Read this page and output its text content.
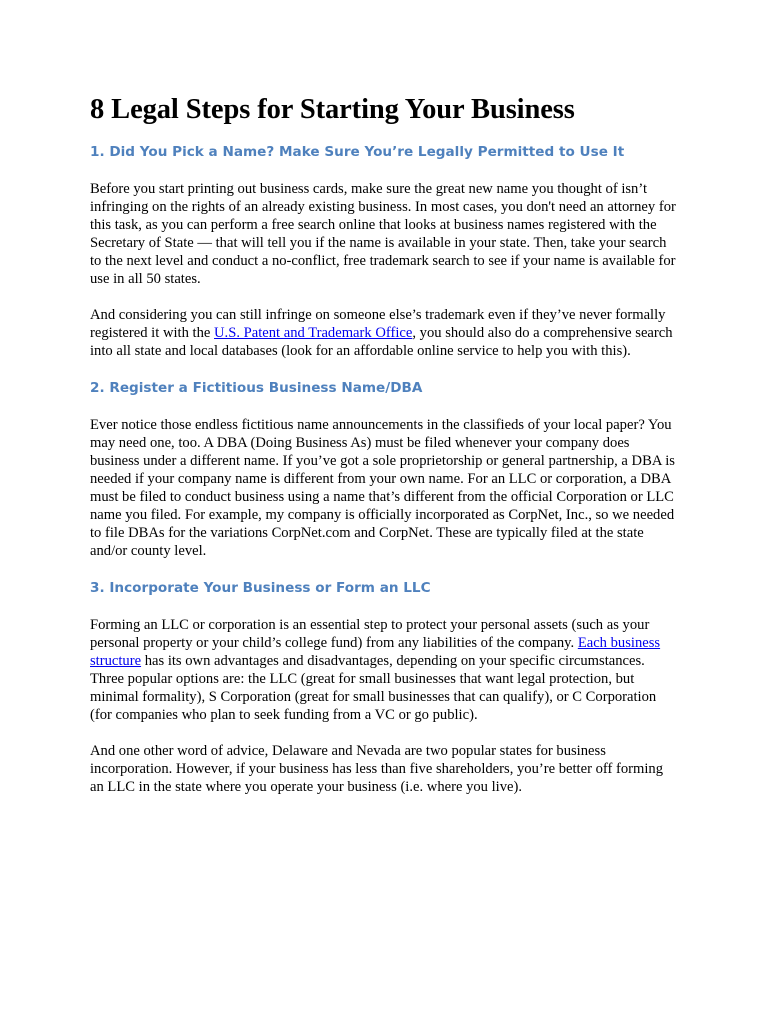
8 Legal Steps for Starting Your Business
1. Did You Pick a Name? Make Sure You’re Legally Permitted to Use It

Before you start printing out business cards, make sure the great new name you thought of isn’t infringing on the rights of an already existing business. In most cases, you don't need an attorney for this task, as you can perform a free search online that looks at business names registered with the Secretary of State — that will tell you if the name is available in your state. Then, take your search to the next level and conduct a no-conflict, free trademark search to see if your name is available for use in all 50 states.

And considering you can still infringe on someone else’s trademark even if they’ve never formally registered it with the U.S. Patent and Trademark Office, you should also do a comprehensive search into all state and local databases (look for an affordable online service to help you with this).

2. Register a Fictitious Business Name/DBA

Ever notice those endless fictitious name announcements in the classifieds of your local paper? You may need one, too. A DBA (Doing Business As) must be filed whenever your company does business under a different name. If you’ve got a sole proprietorship or general partnership, a DBA is needed if your company name is different from your own name. For an LLC or corporation, a DBA must be filed to conduct business using a name that’s different from the official Corporation or LLC name you filed. For example, my company is officially incorporated as CorpNet, Inc., so we needed to file DBAs for the variations CorpNet.com and CorpNet. These are typically filed at the state and/or county level.

3. Incorporate Your Business or Form an LLC

Forming an LLC or corporation is an essential step to protect your personal assets (such as your personal property or your child’s college fund) from any liabilities of the company. Each business structure has its own advantages and disadvantages, depending on your specific circumstances. Three popular options are: the LLC (great for small businesses that want legal protection, but minimal formality), S Corporation (great for small businesses that can qualify), or C Corporation (for companies who plan to seek funding from a VC or go public).

And one other word of advice, Delaware and Nevada are two popular states for business incorporation. However, if your business has less than five shareholders, you’re better off forming an LLC in the state where you operate your business (i.e. where you live).
